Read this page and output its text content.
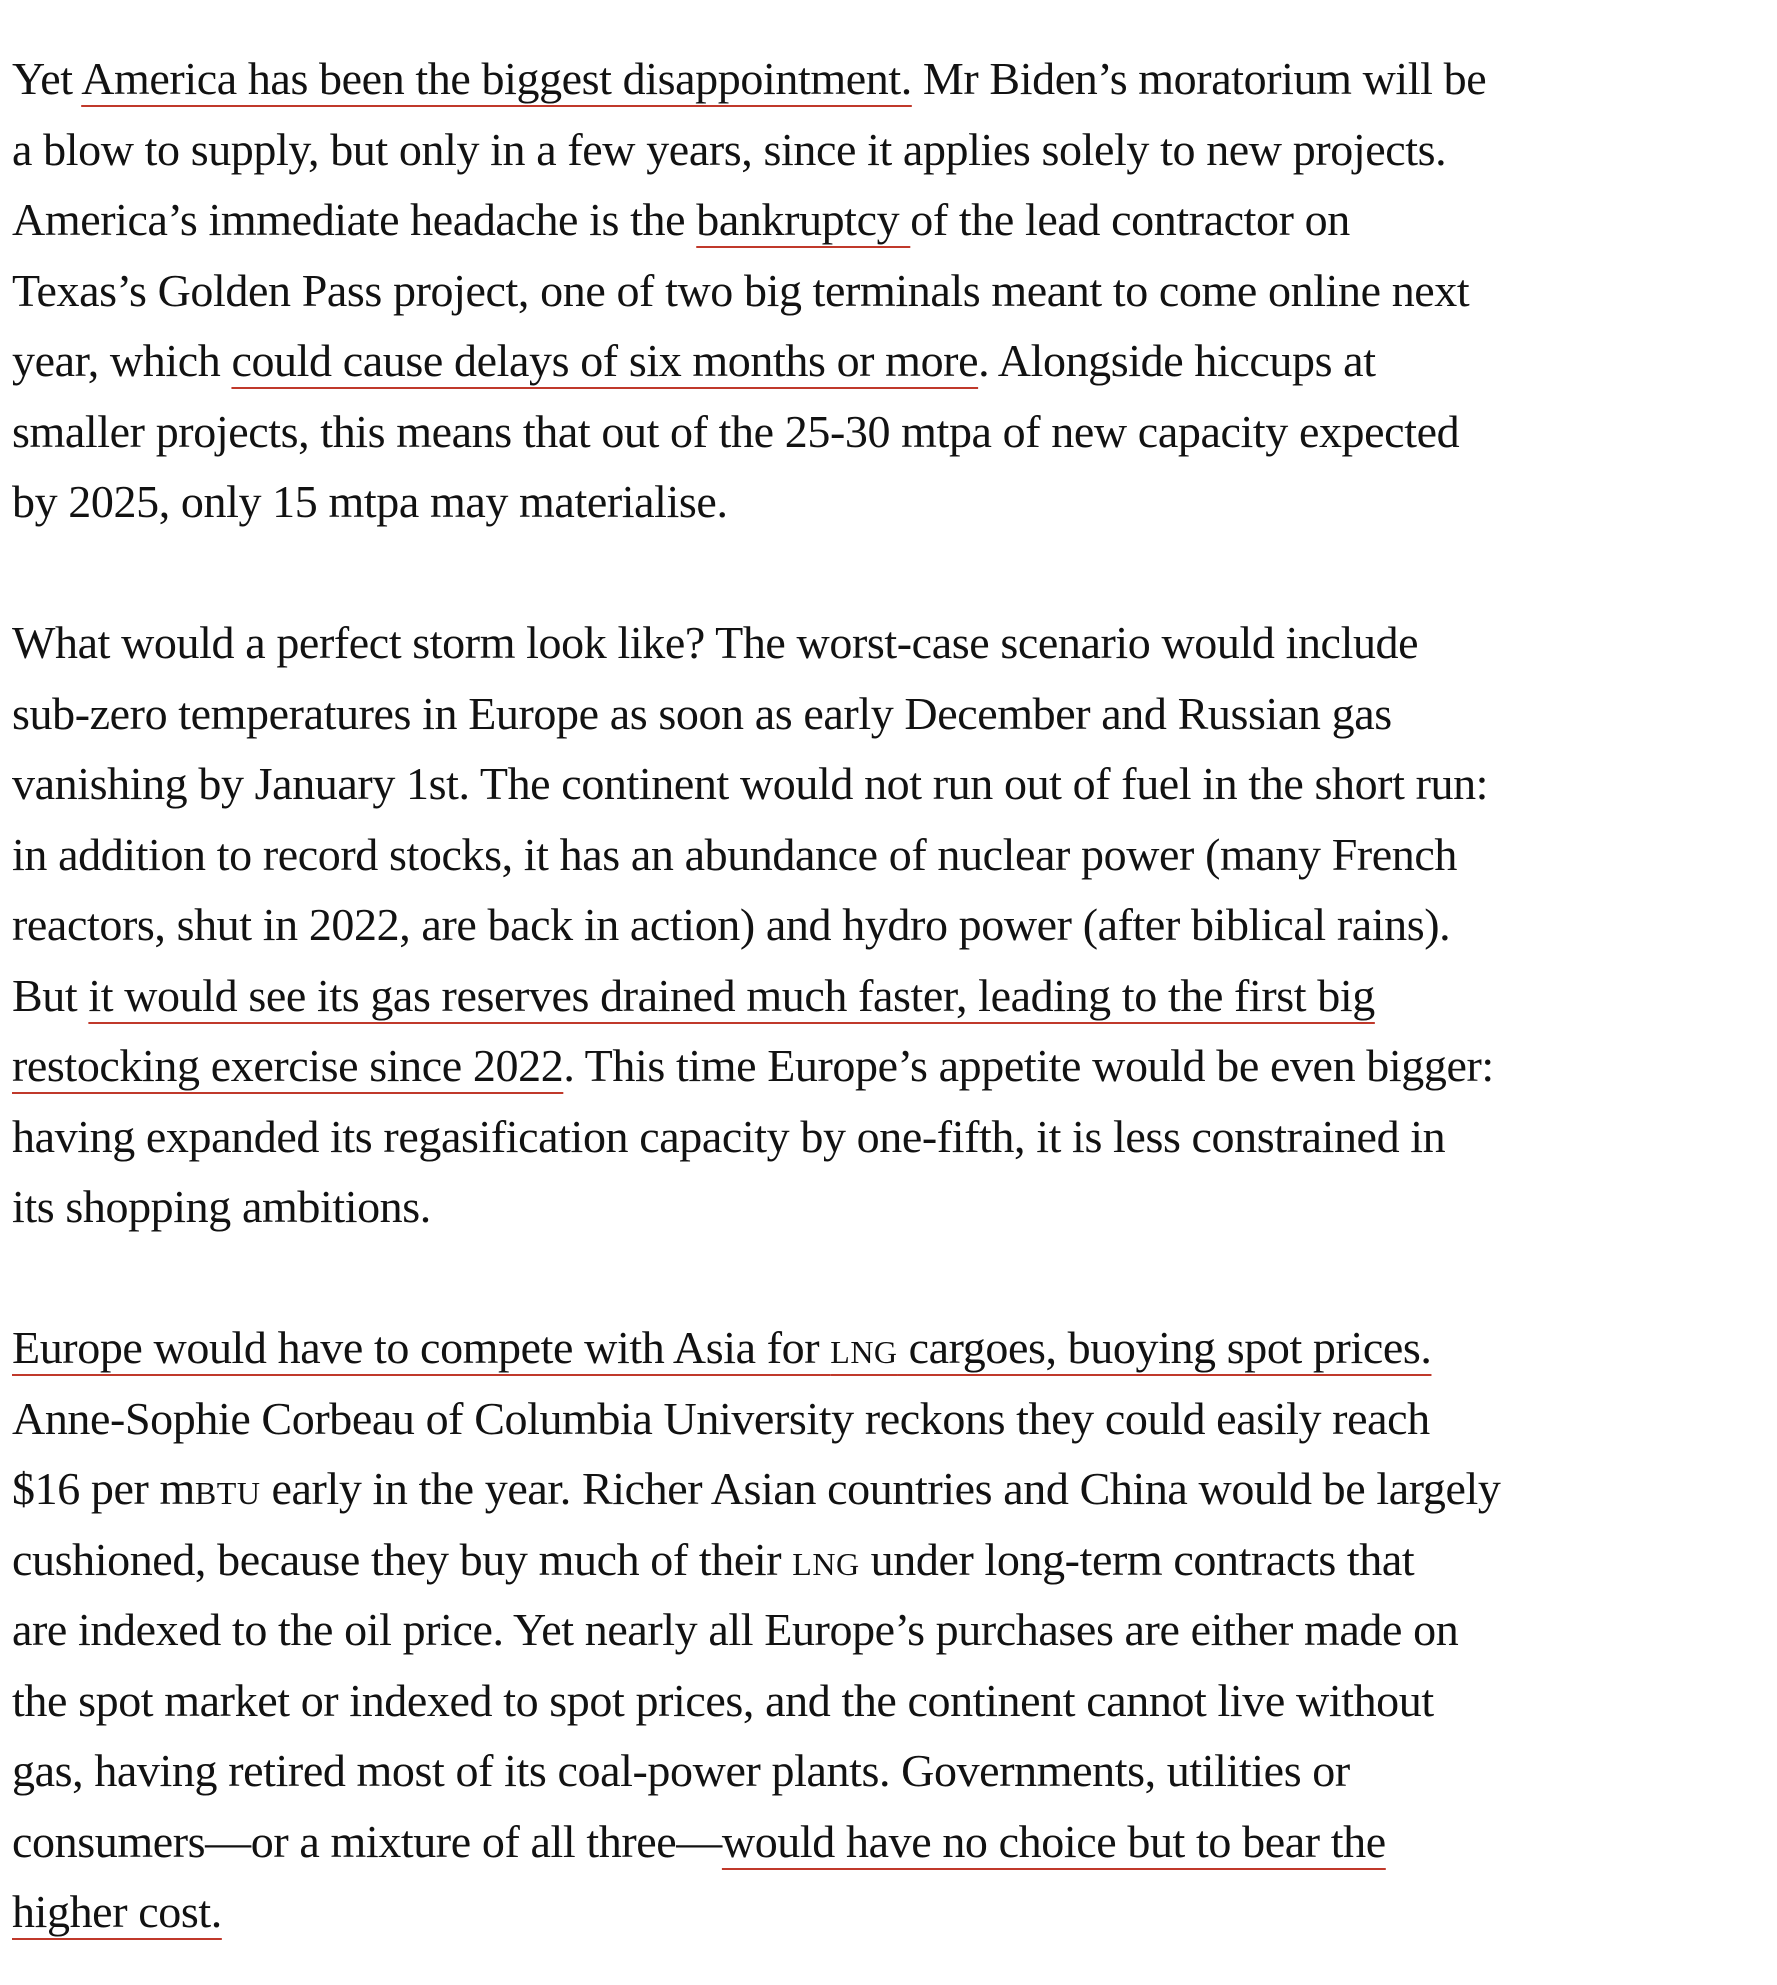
Yet America has been the biggest disappointment. Mr Biden’s moratorium will be
a blow to supply, but only in a few years, since it applies solely to new projects.
America’s immediate headache is the bankruptcy of the lead contractor on
Texas’s Golden Pass project, one of two big terminals meant to come online next
year, which could cause delays of six months or more. Alongside hiccups at
smaller projects, this means that out of the 25-30 mtpa of new capacity expected
by 2025, only 15 mtpa may materialise.

What would a perfect storm look like? The worst-case scenario would include
sub-zero temperatures in Europe as soon as early December and Russian gas
vanishing by January 1st. The continent would not run out of fuel in the short run:
in addition to record stocks, it has an abundance of nuclear power (many French
reactors, shut in 2022, are back in action) and hydro power (after biblical rains).
But it would see its gas reserves drained much faster, leading to the first big
restocking exercise since 2022. This time Europe’s appetite would be even bigger:
having expanded its regasification capacity by one-fifth, it is less constrained in
its shopping ambitions.

Europe would have to compete with Asia for lng cargoes, buoying spot prices.
Anne-Sophie Corbeau of Columbia University reckons they could easily reach
$16 per mbtu early in the year. Richer Asian countries and China would be largely
cushioned, because they buy much of their lng under long-term contracts that
are indexed to the oil price. Yet nearly all Europe’s purchases are either made on
the spot market or indexed to spot prices, and the continent cannot live without
gas, having retired most of its coal-power plants. Governments, utilities or
consumers—or a mixture of all three—would have no choice but to bear the
higher cost.
